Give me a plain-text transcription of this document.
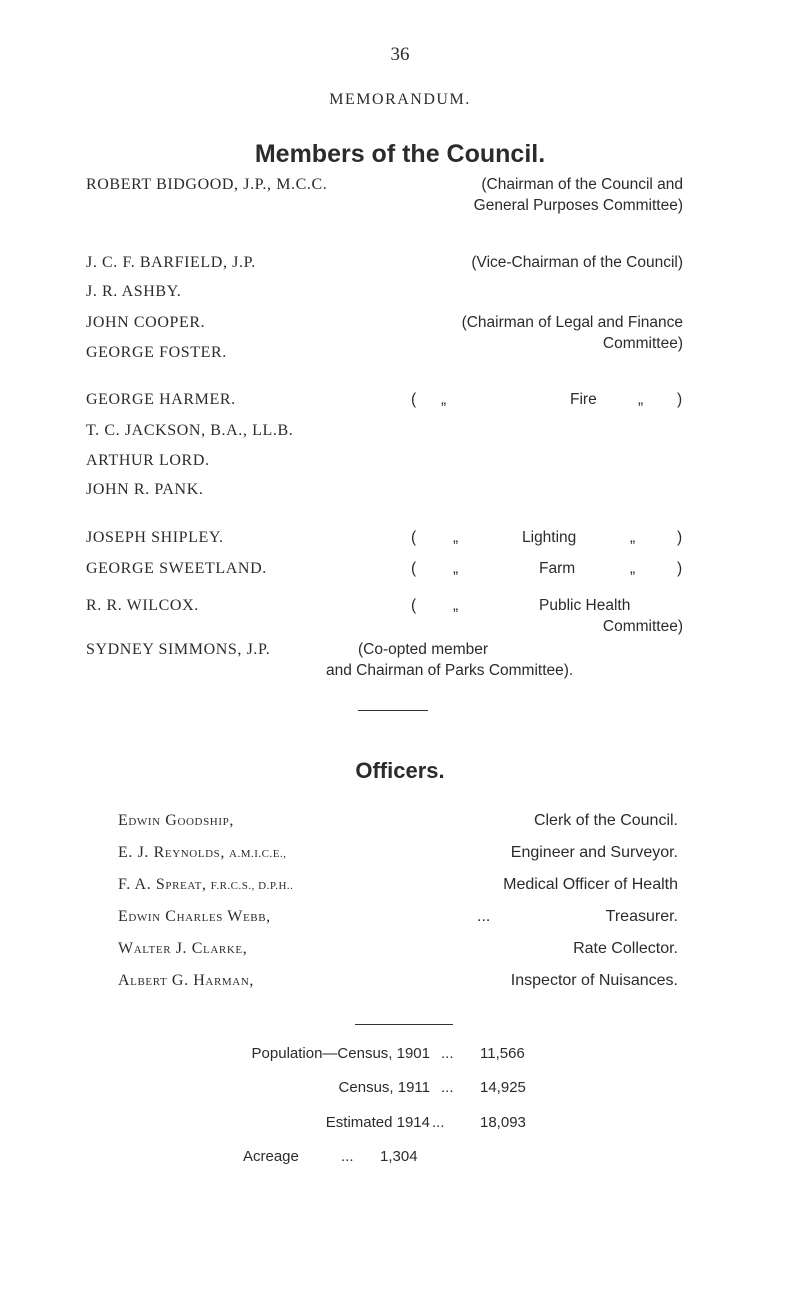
36
MEMORANDUM.
Members of the Council.
ROBERT BIDGOOD, J.P., M.C.C.	(Chairman of the Council and
General Purposes Committee)
J. C. F. BARFIELD, J.P.	(Vice-Chairman of the Council)
J. R. ASHBY.
JOHN COOPER.	(Chairman of Legal and Finance
Committee)
GEORGE FOSTER.
GEORGE HARMER.	( „	Fire	„ )
T. C. JACKSON, B.A., LL.B.
ARTHUR LORD.
JOHN R. PANK.
JOSEPH SHIPLEY.	( „	Lighting	„	)
GEORGE SWEETLAND.	( „	Farm	„	)
R. R. WILCOX.	( „	Public Health
Committee)
SYDNEY SIMMONS, J.P.	(Co-opted member
and Chairman of Parks Committee).
Officers.
Edwin Goodship,	Clerk of the Council.
E. J. Reynolds, A.M.I.C.E.,	Engineer and Surveyor.
F. A. Spreat, F.R.C.S., D.P.H..	Medical Officer of Health
Edwin Charles Webb,	...	Treasurer.
Walter J. Clarke,	Rate Collector.
Albert G. Harman,	Inspector of Nuisances.
Population—Census, 1901 ... 11,566
Census, 1911 ... 14,925
Estimated 1914 ... 18,093
Acreage	... 1,304
